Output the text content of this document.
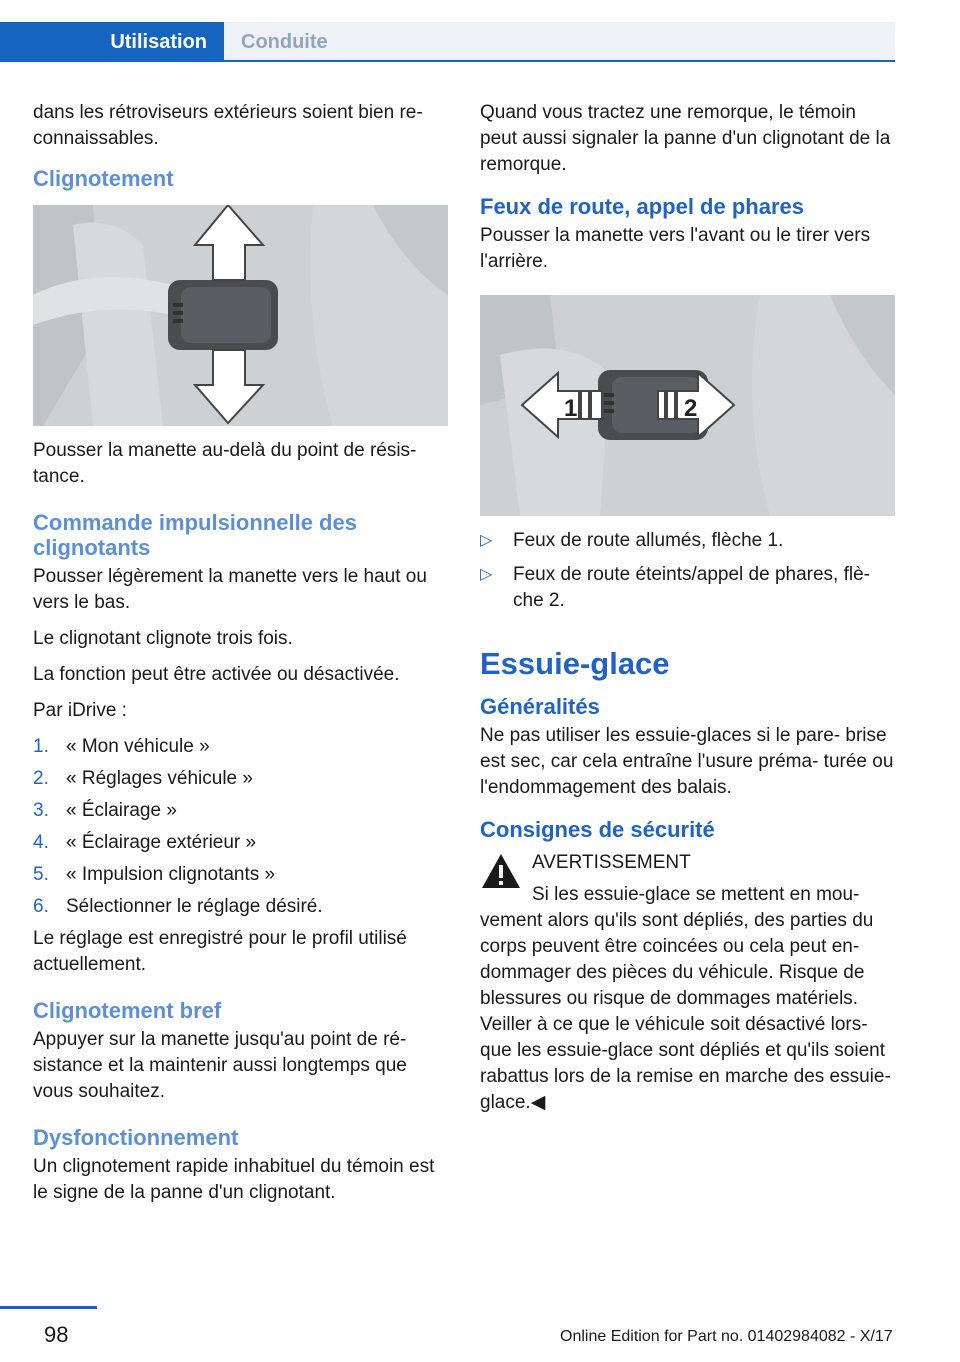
Utilisation	Conduite

dans les rétroviseurs extérieurs soient bien re‐ connaissables.

Clignotement

Pousser la manette au-delà du point de résis‐ tance.

Commande impulsionnelle des clignotants

Pousser légèrement la manette vers le haut ou vers le bas.

Le clignotant clignote trois fois.

La fonction peut être activée ou désactivée.

Par iDrive :

1. « Mon véhicule »
2. « Réglages véhicule »
3. « Éclairage »
4. « Éclairage extérieur »
5. « Impulsion clignotants »
6. Sélectionner le réglage désiré.

Le réglage est enregistré pour le profil utilisé actuellement.

Clignotement bref

Appuyer sur la manette jusqu'au point de ré‐ sistance et la maintenir aussi longtemps que vous souhaitez.

Dysfonctionnement

Un clignotement rapide inhabituel du témoin est le signe de la panne d'un clignotant.

Quand vous tractez une remorque, le témoin peut aussi signaler la panne d'un clignotant de la remorque.

Feux de route, appel de phares

Pousser la manette vers l'avant ou le tirer vers l'arrière.

1	2
▷ Feux de route allumés, flèche 1.
▷ Feux de route éteints/appel de phares, flè‐ che 2.
Essuie-glace
Généralités

Ne pas utiliser les essuie-glaces si le pare- brise est sec, car cela entraîne l'usure préma‐ turée ou l'endommagement des balais.

Consignes de sécurité

AVERTISSEMENT

Si les essuie-glace se mettent en mou‐

vement alors qu'ils sont dépliés, des parties du corps peuvent être coincées ou cela peut en‐ dommager des pièces du véhicule. Risque de blessures ou risque de dommages matériels. Veiller à ce que le véhicule soit désactivé lors‐ que les essuie-glace sont dépliés et qu'ils soient rabattus lors de la remise en marche des essuie-glace.◀

98	Online Edition for Part no. 01402984082 - X/17
